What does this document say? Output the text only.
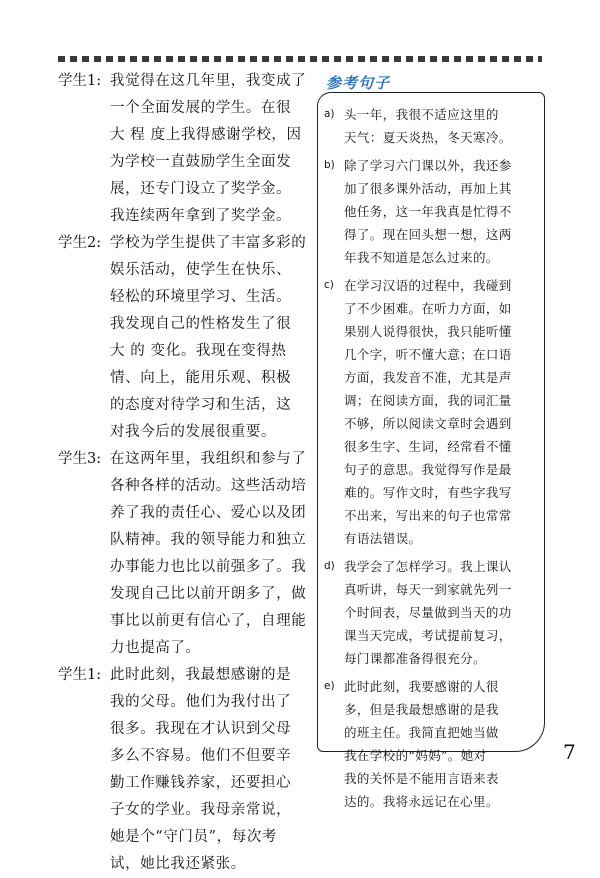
学生1: 我觉得在这几年里，我变成了
一个全面发展的学生。在很
大 程 度上我得感谢学校，因
为学校一直鼓励学生全面发
展，还专门设立了奖学金。
我连续两年拿到了奖学金。
学生2: 学校为学生提供了丰富多彩的
娱乐活动，使学生在快乐、
轻松的环境里学习、生活。
我发现自己的性格发生了很
大 的 变化。我现在变得热
情、向上，能用乐观、积极
的态度对待学习和生活，这
对我今后的发展很重要。
学生3: 在这两年里，我组织和参与了
各种各样的活动。这些活动培
养了我的责任心、爱心以及团
队精神。我的领导能力和独立
办事能力也比以前强多了。我
发现自己比以前开朗多了，做
事比以前更有信心了，自理能
力也提高了。
学生1: 此时此刻，我最想感谢的是
我的父母。他们为我付出了
很多。我现在才认识到父母
多么不容易。他们不但要辛
勤工作赚钱养家，还要担心
子女的学业。我母亲常说，
她是个“守门员”，每次考
试，她比我还紧张。
参考句子
a) 头一年，我很不适应这里的
天气：夏天炎热，冬天寒冷。
b) 除了学习六门课以外，我还参
加了很多课外活动，再加上其
他任务，这一年我真是忙得不
得了。现在回头想一想，这两
年我不知道是怎么过来的。
c) 在学习汉语的过程中，我碰到
了不少困难。在听力方面，如
果别人说得很快，我只能听懂
几个字，听不懂大意；在口语
方面，我发音不准，尤其是声
调；在阅读方面，我的词汇量
不够，所以阅读文章时会遇到
很多生字、生词，经常看不懂
句子的意思。我觉得写作是最
难的。写作文时，有些字我写
不出来，写出来的句子也常常
有语法错误。
d) 我学会了怎样学习。我上课认
真听讲，每天一到家就先列一
个时间表，尽量做到当天的功
课当天完成，考试提前复习，
每门课都准备得很充分。
e) 此时此刻，我要感谢的人很
多，但是我最想感谢的是我
的班主任。我简直把她当做
我在学校的“妈妈”。她对
我的关怀是不能用言语来表
达的。我将永远记在心里。
7
